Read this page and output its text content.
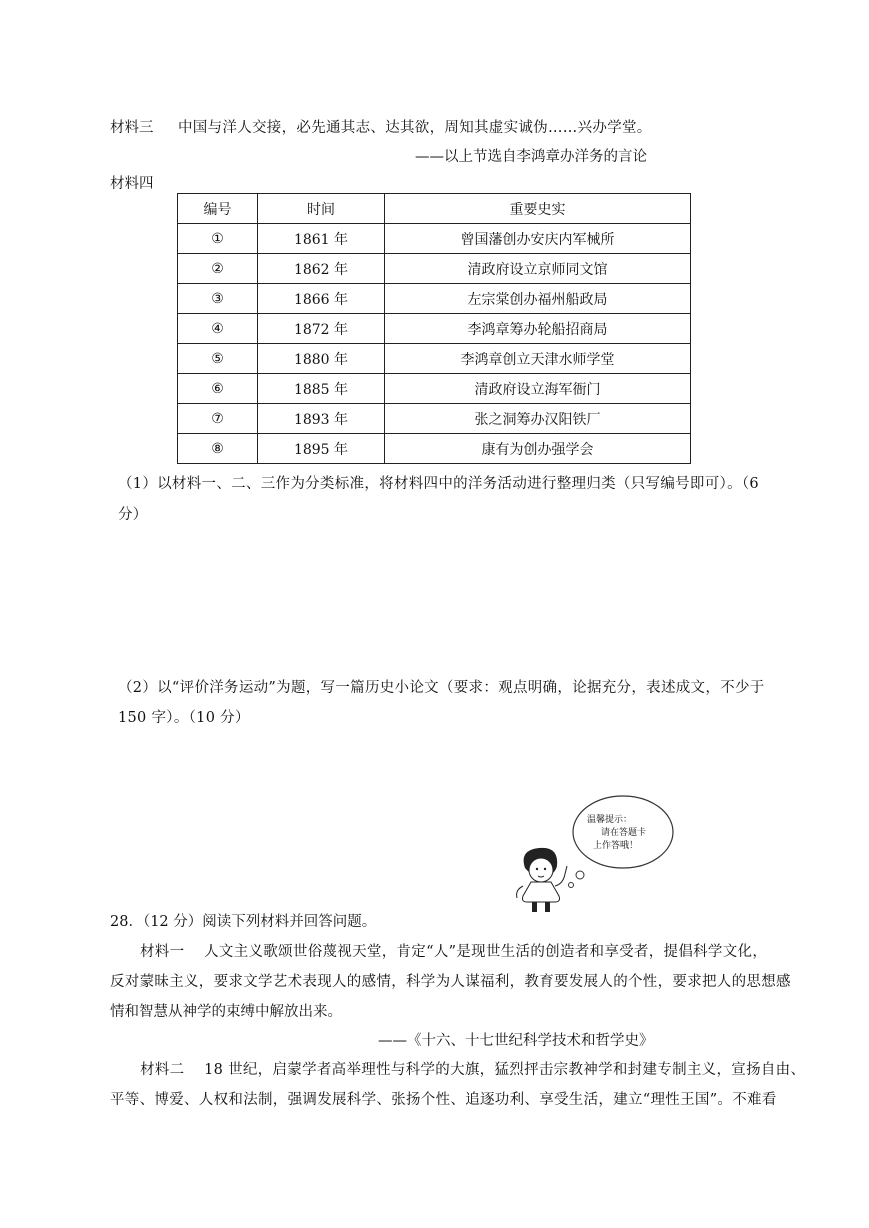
材料三 中国与洋人交接，必先通其志、达其欲，周知其虚实诚伪……兴办学堂。
——以上节选自李鸿章办洋务的言论
材料四
编号	时间	重要史实
①	1861 年	曾国藩创办安庆内军械所
②	1862 年	清政府设立京师同文馆
③	1866 年	左宗棠创办福州船政局
④	1872 年	李鸿章筹办轮船招商局
⑤	1880 年	李鸿章创立天津水师学堂
⑥	1885 年	清政府设立海军衙门
⑦	1893 年	张之洞筹办汉阳铁厂
⑧	1895 年	康有为创办强学会
（1）以材料一、二、三作为分类标准，将材料四中的洋务活动进行整理归类（只写编号即可）。（6
分）
（2）以“评价洋务运动”为题，写一篇历史小论文（要求：观点明确，论据充分，表述成文，不少于
150 字）。（10 分）
温馨提示：
请在答题卡
上作答哦！
28．（12 分）阅读下列材料并回答问题。
材料一　 人文主义歌颂世俗蔑视天堂，肯定“人”是现世生活的创造者和享受者，提倡科学文化，
反对蒙昧主义，要求文学艺术表现人的感情，科学为人谋福利，教育要发展人的个性，要求把人的思想感
情和智慧从神学的束缚中解放出来。
——《十六、十七世纪科学技术和哲学史》
材料二　 18 世纪，启蒙学者高举理性与科学的大旗，猛烈抨击宗教神学和封建专制主义，宣扬自由、
平等、博爱、人权和法制，强调发展科学、张扬个性、追逐功利、享受生活，建立“理性王国”。不难看
